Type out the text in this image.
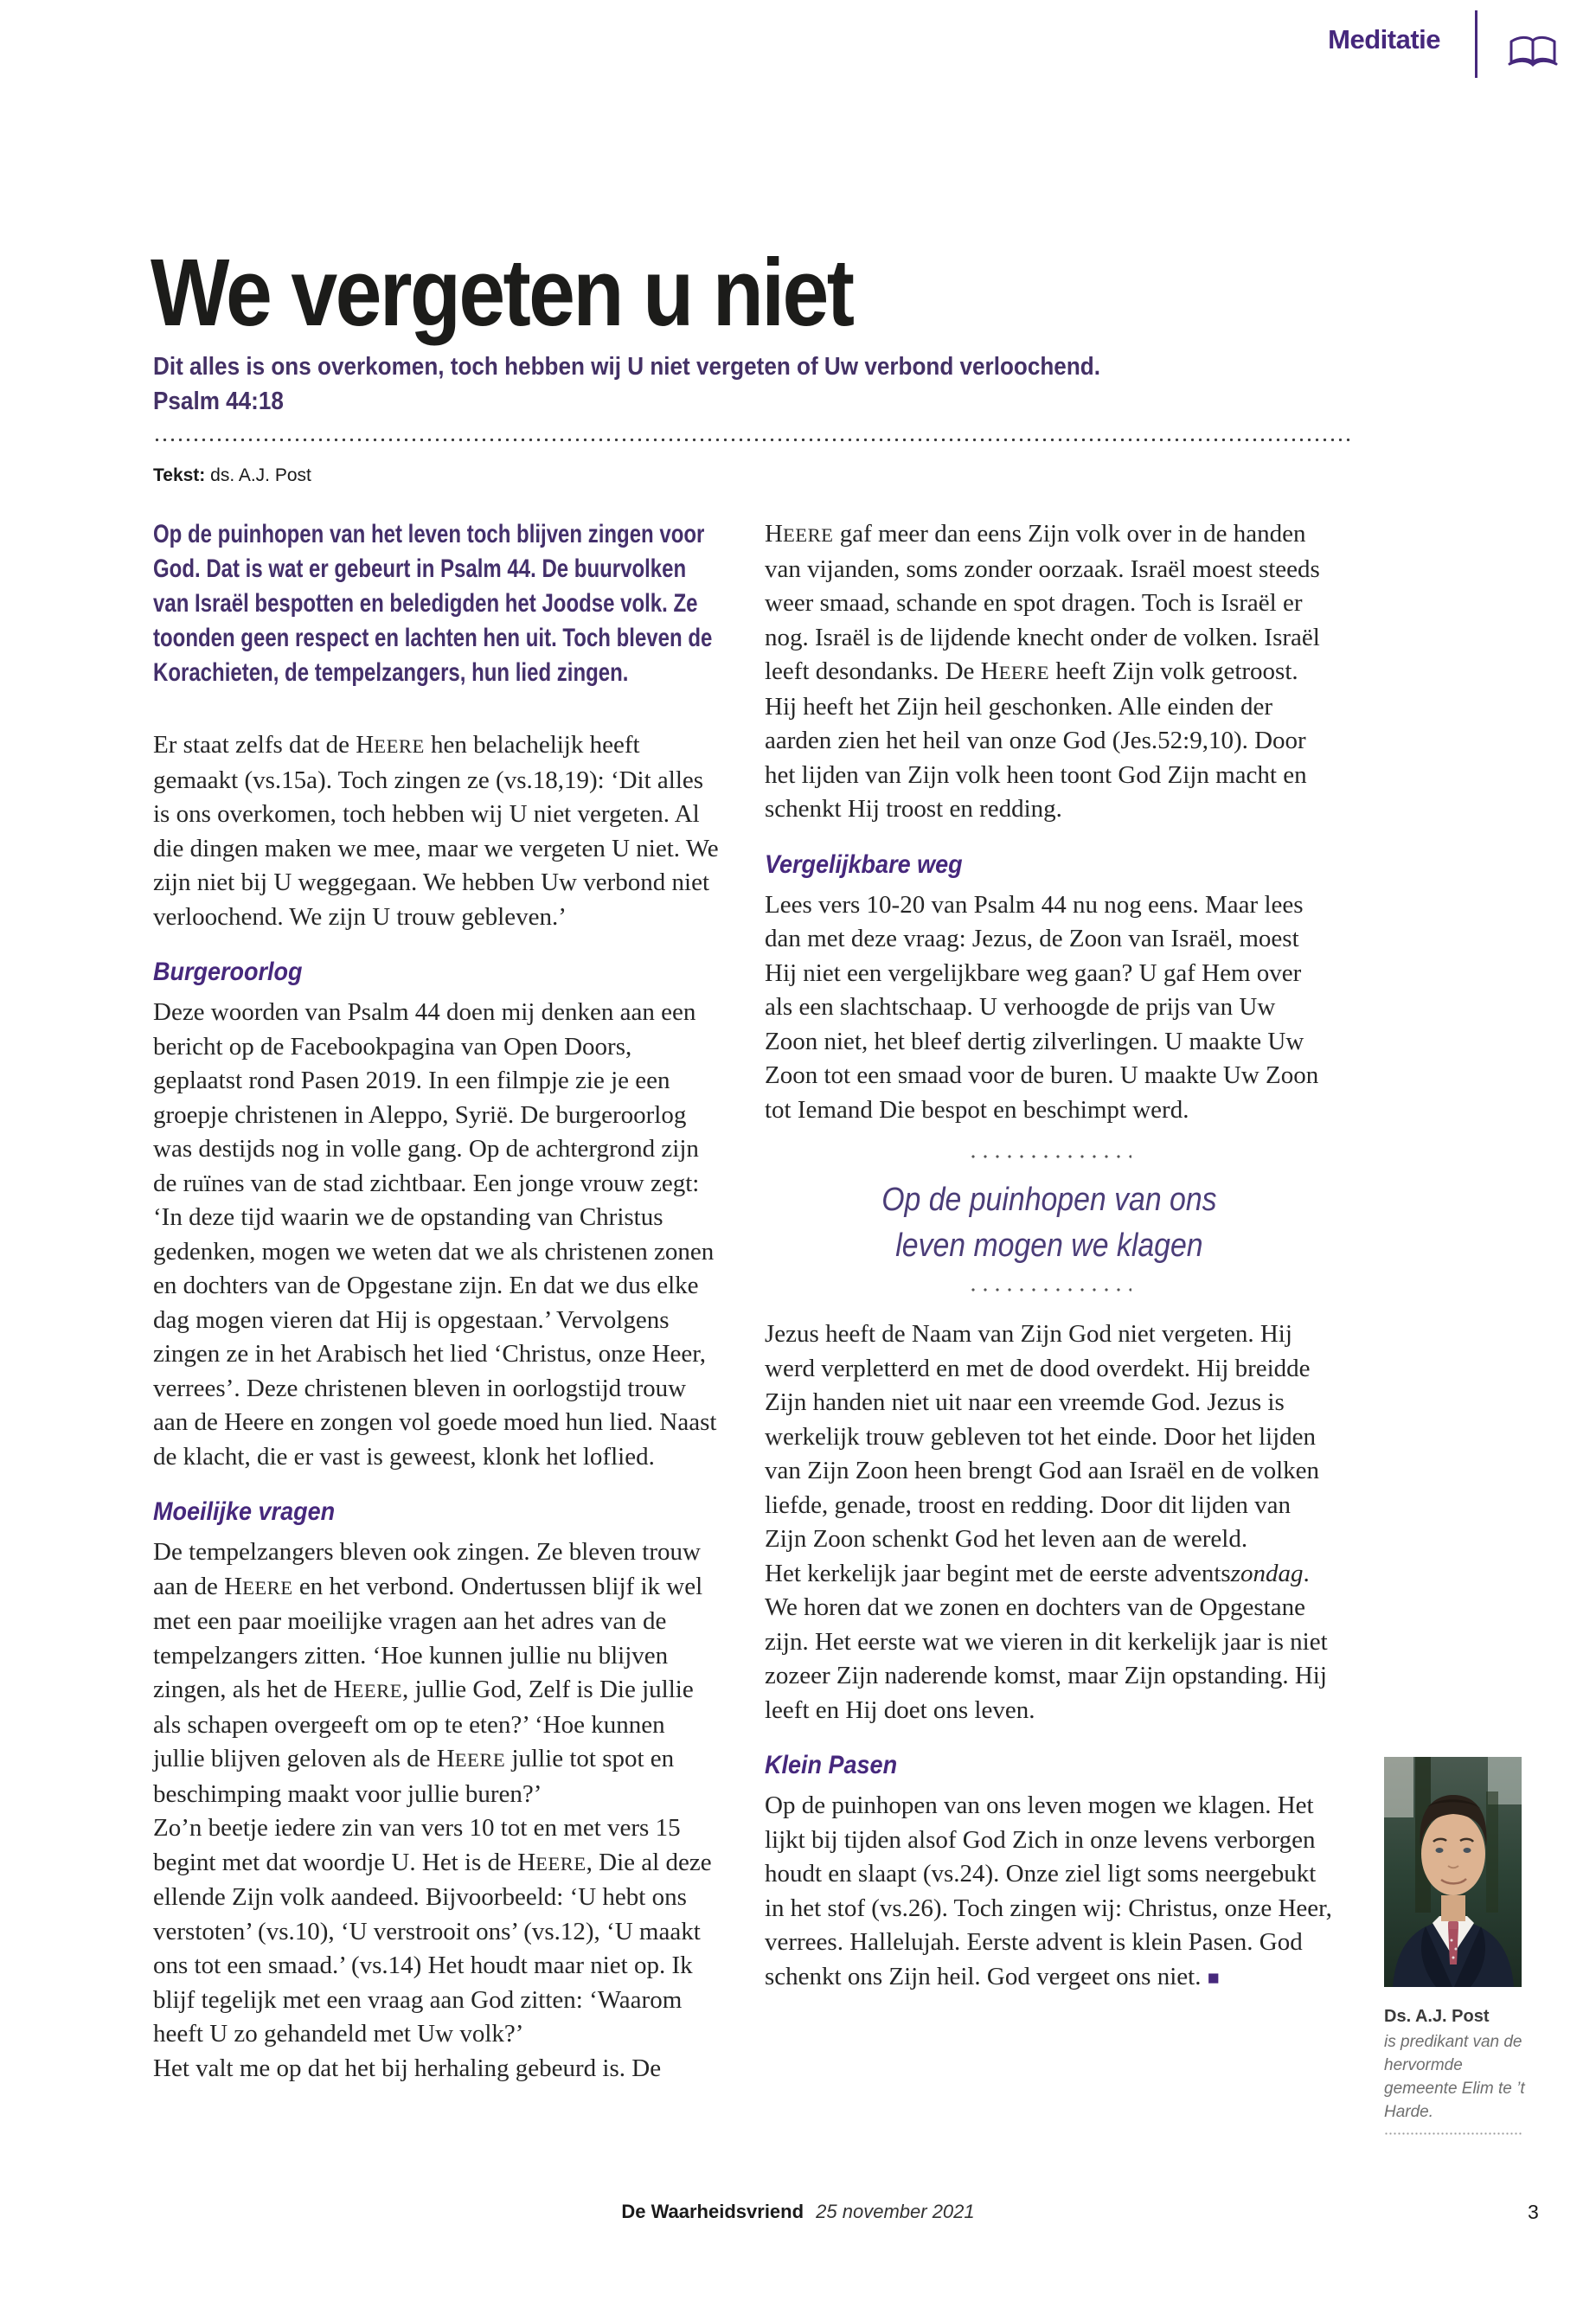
Meditatie
We vergeten u niet
Dit alles is ons overkomen, toch hebben wij U niet vergeten of Uw verbond verloochend.
Psalm 44:18
Tekst: ds. A.J. Post

Op de puinhopen van het leven toch blijven zingen voor God. Dat is wat er gebeurt in Psalm 44. De buurvolken van Israël bespotten en beledigden het Joodse volk. Ze toonden geen respect en lachten hen uit. Toch bleven de Korachieten, de tempelzangers, hun lied zingen.

Er staat zelfs dat de HEERE hen belachelijk heeft gemaakt (vs.15a). Toch zingen ze (vs.18,19): ‘Dit alles is ons overkomen, toch hebben wij U niet vergeten. Al die dingen maken we mee, maar we vergeten U niet. We zijn niet bij U weggegaan. We hebben Uw verbond niet verloochend. We zijn U trouw gebleven.’

Burgeroorlog

Deze woorden van Psalm 44 doen mij denken aan een bericht op de Facebookpagina van Open Doors, geplaatst rond Pasen 2019. In een filmpje zie je een groepje christenen in Aleppo, Syrië. De burgeroorlog was destijds nog in volle gang. Op de achtergrond zijn de ruïnes van de stad zichtbaar. Een jonge vrouw zegt: ‘In deze tijd waarin we de opstanding van Christus gedenken, mogen we weten dat we als christenen zonen en dochters van de Opgestane zijn. En dat we dus elke dag mogen vieren dat Hij is opgestaan.’ Vervolgens zingen ze in het Arabisch het lied ‘Christus, onze Heer, verrees’. Deze christenen bleven in oorlogstijd trouw aan de Heere en zongen vol goede moed hun lied. Naast de klacht, die er vast is geweest, klonk het loflied.

Moeilijke vragen

De tempelzangers bleven ook zingen. Ze bleven trouw aan de HEERE en het verbond. Ondertussen blijf ik wel met een paar moeilijke vragen aan het adres van de tempelzangers zitten. ‘Hoe kunnen jullie nu blijven zingen, als het de HEERE, jullie God, Zelf is Die jullie als schapen overgeeft om op te eten?’ ‘Hoe kunnen jullie blijven geloven als de HEERE jullie tot spot en beschimping maakt voor jullie buren?’

Zo’n beetje iedere zin van vers 10 tot en met vers 15 begint met dat woordje U. Het is de HEERE, Die al deze ellende Zijn volk aandeed. Bijvoorbeeld: ‘U hebt ons verstoten’ (vs.10), ‘U verstrooit ons’ (vs.12), ‘U maakt ons tot een smaad.’ (vs.14) Het houdt maar niet op. Ik blijf tegelijk met een vraag aan God zitten: ‘Waarom heeft U zo gehandeld met Uw volk?’

Het valt me op dat het bij herhaling gebeurd is. De

HEERE gaf meer dan eens Zijn volk over in de handen van vijanden, soms zonder oorzaak. Israël moest steeds weer smaad, schande en spot dragen. Toch is Israël er nog. Israël is de lijdende knecht onder de volken. Israël leeft desondanks. De HEERE heeft Zijn volk getroost. Hij heeft het Zijn heil geschonken. Alle einden der aarden zien het heil van onze God (Jes.52:9,10). Door het lijden van Zijn volk heen toont God Zijn macht en schenkt Hij troost en redding.

Vergelijkbare weg

Lees vers 10-20 van Psalm 44 nu nog eens. Maar lees dan met deze vraag: Jezus, de Zoon van Israël, moest Hij niet een vergelijkbare weg gaan? U gaf Hem over als een slachtschaap. U verhoogde de prijs van Uw Zoon niet, het bleef dertig zilverlingen. U maakte Uw Zoon tot een smaad voor de buren. U maakte Uw Zoon tot Iemand Die bespot en beschimpt werd.

Op de puinhopen van ons
leven mogen we klagen

Jezus heeft de Naam van Zijn God niet vergeten. Hij werd verpletterd en met de dood overdekt. Hij breidde Zijn handen niet uit naar een vreemde God. Jezus is werkelijk trouw gebleven tot het einde. Door het lijden van Zijn Zoon heen brengt God aan Israël en de volken liefde, genade, troost en redding. Door dit lijden van Zijn Zoon schenkt God het leven aan de wereld.

Het kerkelijk jaar begint met de eerste adventszondag. We horen dat we zonen en dochters van de Opgestane zijn. Het eerste wat we vieren in dit kerkelijk jaar is niet zozeer Zijn naderende komst, maar Zijn opstanding. Hij leeft en Hij doet ons leven.

Klein Pasen

Op de puinhopen van ons leven mogen we klagen. Het lijkt bij tijden alsof God Zich in onze levens verborgen houdt en slaapt (vs.24). Onze ziel ligt soms neergebukt in het stof (vs.26). Toch zingen wij: Christus, onze Heer, verrees. Hallelujah. Eerste advent is klein Pasen. God schenkt ons Zijn heil. God vergeet ons niet. ■

Ds. A.J. Post
is predikant van de hervormde gemeente Elim te ’t Harde.
De Waarheidsvriend 25 november 2021	3
